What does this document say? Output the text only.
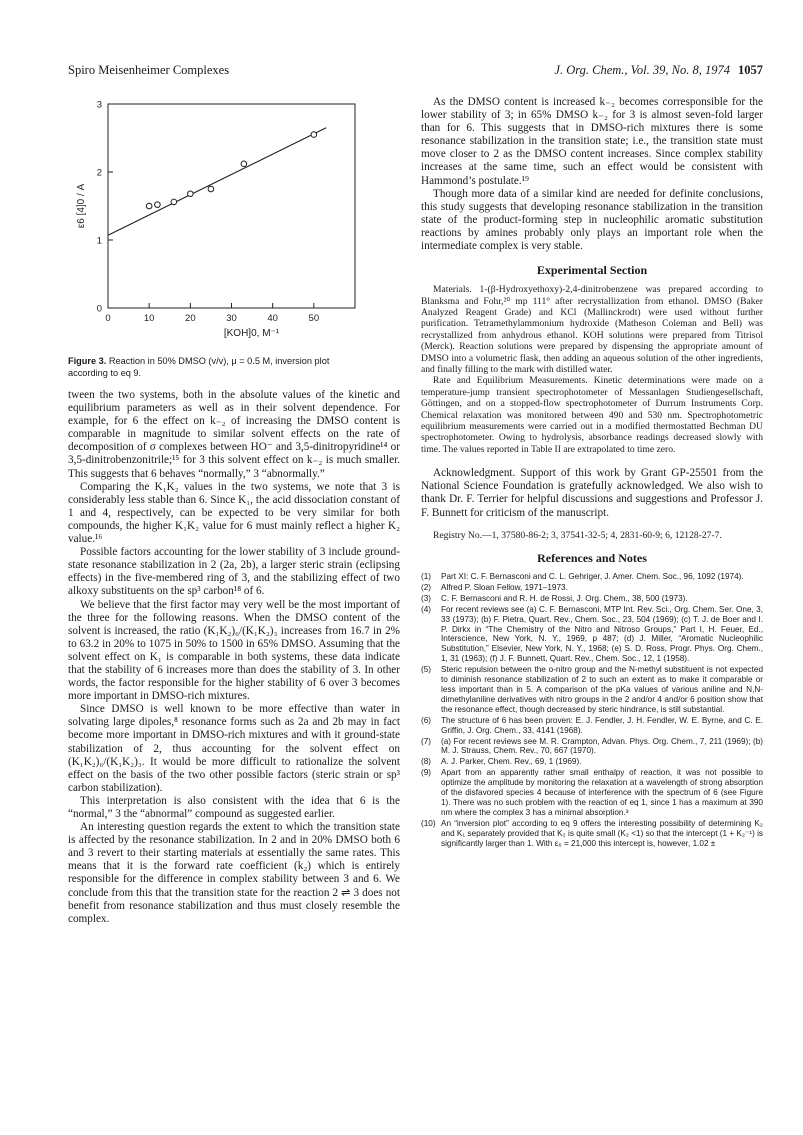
Spiro Meisenheimer Complexes	J. Org. Chem., Vol. 39, No. 8, 1974 1057
0	10	20	30	40	50
0
1
2
3
[KOH]0, M⁻¹
ε6 [4]0 / A
Figure 3. Reaction in 50% DMSO (v/v), μ = 0.5 M, inversion plot according to eq 9.

tween the two systems, both in the absolute values of the kinetic and equilibrium parameters as well as in their solvent dependence. For example, for 6 the effect on k₋₂ of increasing the DMSO content is comparable in magnitude to similar solvent effects on the rate of decomposition of σ complexes between HO⁻ and 3,5-dinitropyridine¹⁴ or 3,5-dinitrobenzonitrile;¹⁵ for 3 this solvent effect on k₋₂ is much smaller. This suggests that 6 behaves “normally,” 3 “abnormally.”

Comparing the K₁K₂ values in the two systems, we note that 3 is considerably less stable than 6. Since K₁, the acid dissociation constant of 1 and 4, respectively, can be expected to be very similar for both compounds, the higher K₁K₂ value for 6 must mainly reflect a higher K₂ value.¹⁶

Possible factors accounting for the lower stability of 3 include ground-state resonance stabilization in 2 (2a, 2b), a larger steric strain (eclipsing effects) in the five-membered ring of 3, and the stabilizing effect of two alkoxy substituents on the sp³ carbon¹⁸ of 6.

We believe that the first factor may very well be the most important of the three for the following reasons. When the DMSO content of the solvent is increased, the ratio (K₁K₂)₆/(K₁K₂)₃ increases from 16.7 in 2% to 63.2 in 20% to 1075 in 50% to 1500 in 65% DMSO. Assuming that the solvent effect on K₁ is comparable in both systems, these data indicate that the stability of 6 increases more than does the stability of 3. In other words, the factor responsible for the higher stability of 6 over 3 becomes more important in DMSO-rich mixtures.

Since DMSO is well known to be more effective than water in solvating large dipoles,⁸ resonance forms such as 2a and 2b may in fact become more important in DMSO-rich mixtures and with it ground-state stabilization of 2, thus accounting for the solvent effect on (K₁K₂)₆/(K₁K₂)₃. It would be more difficult to rationalize the solvent effect on the basis of the two other possible factors (steric strain or sp³ carbon stabilization).

This interpretation is also consistent with the idea that 6 is the “normal,” 3 the “abnormal” compound as suggested earlier.

An interesting question regards the extent to which the transition state is affected by the resonance stabilization. In 2 and in 20% DMSO both 6 and 3 revert to their starting materials at essentially the same rates. This means that it is the forward rate coefficient (k₂) which is entirely responsible for the difference in complex stability between 3 and 6. We conclude from this that the transition state for the reaction 2 ⇌ 3 does not benefit from resonance stabilization and thus must closely resemble the complex.

As the DMSO content is increased k₋₂ becomes corresponsible for the lower stability of 3; in 65% DMSO k₋₂ for 3 is almost seven-fold larger than for 6. This suggests that in DMSO-rich mixtures there is some resonance stabilization in the transition state; i.e., the transition state must move closer to 2 as the DMSO content increases. Since complex stability increases at the same time, such an effect would be consistent with Hammond’s postulate.¹⁹

Though more data of a similar kind are needed for definite conclusions, this study suggests that developing resonance stabilization in the transition state of the product-forming step in nucleophilic aromatic substitution reactions by amines probably only plays an important role when the intermediate complex is very stable.

Experimental Section

Materials. 1-(β-Hydroxyethoxy)-2,4-dinitrobenzene was prepared according to Blanksma and Fohr,²⁰ mp 111° after recrystallization from ethanol. DMSO (Baker Analyzed Reagent Grade) and KCl (Mallinckrodt) were used without further purification. Tetramethylammonium hydroxide (Matheson Coleman and Bell) was recrystallized from anhydrous ethanol. KOH solutions were prepared from Titrisol (Merck). Reaction solutions were prepared by dispensing the appropriate amount of DMSO into a volumetric flask, then adding an aqueous solution of the other ingredients, and finally filling to the mark with distilled water.

Rate and Equilibrium Measurements. Kinetic determinations were made on a temperature-jump transient spectrophotometer of Messanlagen Studiengesellschaft, Göttingen, and on a stopped-flow spectrophotometer of Durrum Instruments Corp. Chemical relaxation was monitored between 490 and 530 nm. Spectrophotometric equilibrium measurements were carried out in a modified thermostatted Bechman DU spectrophotometer. Owing to hydrolysis, absorbance readings decreased slowly with time. The values reported in Table II are extrapolated to time zero.

Acknowledgment. Support of this work by Grant GP-25501 from the National Science Foundation is gratefully acknowledged. We also wish to thank Dr. F. Terrier for helpful discussions and suggestions and Professor J. F. Bunnett for criticism of the manuscript.

Registry No.—1, 37580-86-2; 3, 37541-32-5; 4, 2831-60-9; 6, 12128-27-7.

References and Notes
(1)	Part XI: C. F. Bernasconi and C. L. Gehriger, J. Amer. Chem. Soc., 96, 1092 (1974).
(2)	Alfred P. Sloan Fellow, 1971–1973.
(3)	C. F. Bernasconi and R. H. de Rossi, J. Org. Chem., 38, 500 (1973).
(4)	For recent reviews see (a) C. F. Bernasconi, MTP Int. Rev. Sci., Org. Chem. Ser. One, 3, 33 (1973); (b) F. Pietra, Quart. Rev., Chem. Soc., 23, 504 (1969); (c) T. J. de Boer and I. P. Dirkx in “The Chemistry of the Nitro and Nitroso Groups,” Part I, H. Feuer, Ed., Interscience, New York, N. Y., 1969, p 487; (d) J. Miller, “Aromatic Nucleophilic Substitution,” Elsevier, New York, N. Y., 1968; (e) S. D. Ross, Progr. Phys. Org. Chem., 1, 31 (1963); (f) J. F. Bunnett, Quart. Rev., Chem. Soc., 12, 1 (1958).
(5)	Steric repulsion between the o-nitro group and the N-methyl substituent is not expected to diminish resonance stabilization of 2 to such an extent as to make it comparable or less important than in 5. A comparison of the pKa values of various aniline and N,N-dimethylaniline derivatives with nitro groups in the 2 and/or 4 and/or 6 position show that the resonance effect, though decreased by steric hindrance, is still substantial.
(6)	The structure of 6 has been proven: E. J. Fendler, J. H. Fendler, W. E. Byrne, and C. E. Griffin, J. Org. Chem., 33, 4141 (1968).
(7)	(a) For recent reviews see M. R. Crampton, Advan. Phys. Org. Chem., 7, 211 (1969); (b) M. J. Strauss, Chem. Rev., 70, 667 (1970).
(8)	A. J. Parker, Chem. Rev., 69, 1 (1969).
(9)	Apart from an apparently rather small enthalpy of reaction, it was not possible to optimize the amplitude by monitoring the relaxation at a wavelength of strong absorption of the disfavored species 4 because of interference with the spectrum of 6 (see Figure 1). There was no such problem with the reaction of eq 1, since 1 has a maximum at 390 nm where the complex 3 has a minimal absorption.³
(10) An “inversion plot” according to eq 9 offers the interesting possibility of determining K₂ and K₁ separately provided that K₂ is quite small (K₂ <1) so that the intercept (1 + K₂⁻¹) is significantly larger than 1. With ε₆ = 21,000 this intercept is, however, 1.02 ±
